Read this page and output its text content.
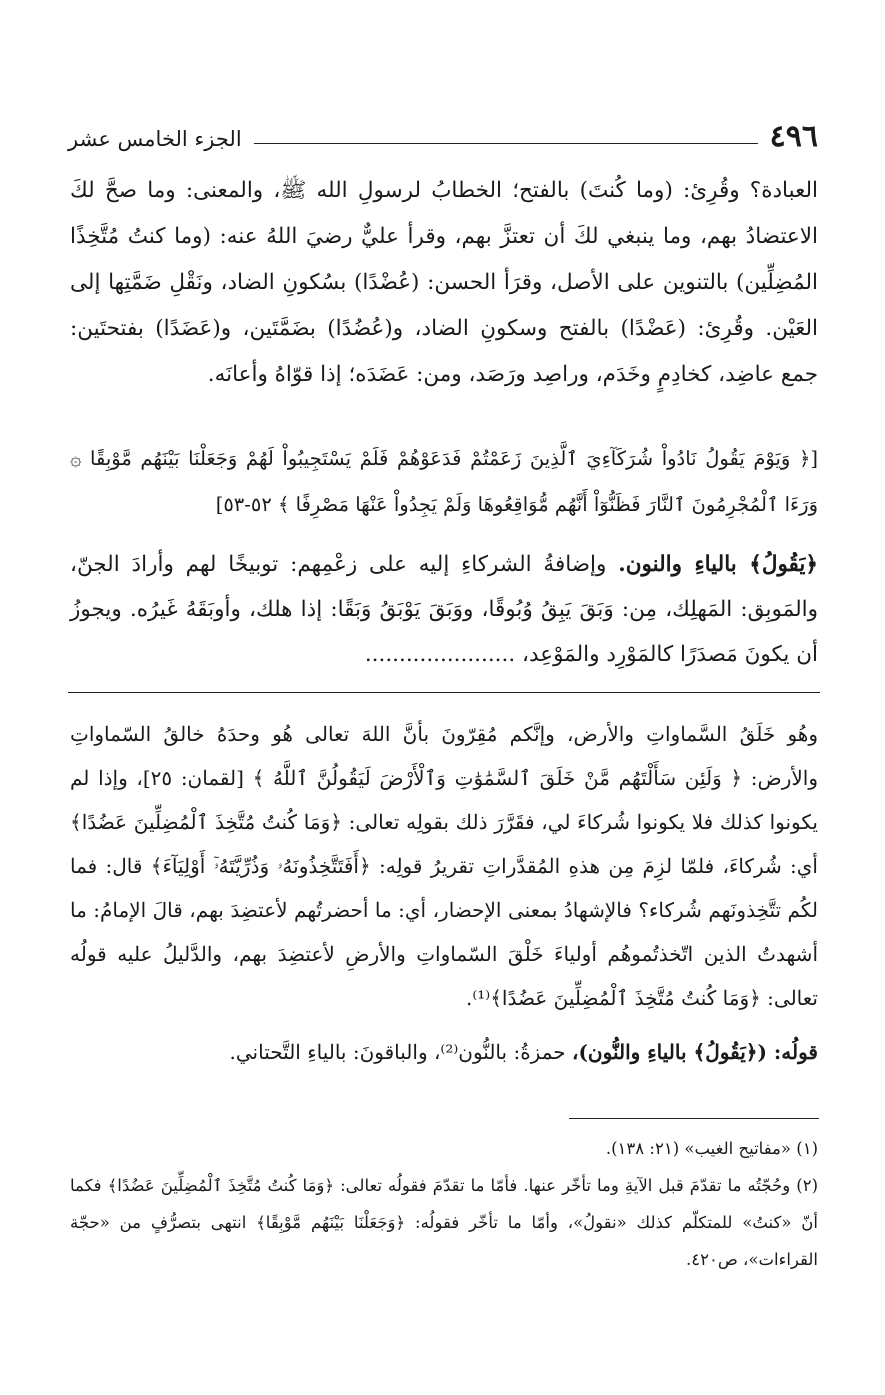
٤٩٦
الجزء الخامس عشر

العبادة؟ وقُرِئ: (وما كُنتَ) بالفتح؛ الخطابُ لرسولِ الله ﷺ، والمعنى: وما صحَّ لكَ الاعتضادُ بهم، وما ينبغي لكَ أن تعتزَّ بهم، وقرأ عليٌّ رضيَ اللهُ عنه: (وما كنتُ مُتَّخِذًا المُضِلِّين) بالتنوين على الأصل، وقرَأ الحسن: (عُضْدًا) بسُكونِ الضاد، ونَقْلِ ضَمَّتِها إلى العَيْن. وقُرِئ: (عَضْدًا) بالفتح وسكونِ الضاد، و(عُضُدًا) بضَمَّتَين، و(عَضَدًا) بفتحتَين: جمع عاضِد، كخادِمٍ وخَدَم، وراصِد ورَصَد، ومن: عَضَدَه؛ إذا قوّاهُ وأعانَه.

[﴿ وَيَوْمَ يَقُولُ نَادُواْ شُرَكَآءِيَ ٱلَّذِينَ زَعَمْتُمْ فَدَعَوْهُمْ فَلَمْ يَسْتَجِيبُواْ لَهُمْ وَجَعَلْنَا بَيْنَهُم مَّوْبِقًا ۞ وَرَءَا ٱلْمُجْرِمُونَ ٱلنَّارَ فَظَنُّوٓاْ أَنَّهُم مُّوَاقِعُوهَا وَلَمْ يَجِدُواْ عَنْهَا مَصْرِفًا ﴾ ٥٢-٥٣]
﴿يَقُولُ﴾ بالياءِ والنون. وإضافةُ الشركاءِ إليه على زعْمِهم: توبيخًا لهم وأرادَ الجنّ، والمَوبِق: المَهلِك، مِن: وَبَقَ يَبِقُ وُبُوقًا، ووَبَقَ يَوْبَقُ وَبَقًا: إذا هلك، وأوبَقَهُ غَيرُه. ويجوزُ أن يكونَ مَصدَرًا كالمَوْرِد والمَوْعِد، ......................

وهُو خَلَقُ السَّماواتِ والأرض، وإنَّكم مُقِرّونَ بأنَّ اللهَ تعالى هُو وحدَهُ خالقُ السّماواتِ والأرض: ﴿ وَلَئِن سَأَلْتَهُم مَّنْ خَلَقَ ٱلسَّمَٰوَٰتِ وَٱلْأَرْضَ لَيَقُولُنَّ ٱللَّهُ ﴾ [لقمان: ٢٥]، وإذا لم يكونوا كذلك فلا يكونوا شُركاءَ لي، فقَرَّرَ ذلك بقولِه تعالى: ﴿وَمَا كُنتُ مُتَّخِذَ ٱلْمُضِلِّينَ عَضُدًا﴾ أي: شُركاءَ، فلمّا لزِمَ مِن هذهِ المُقدَّراتِ تقريرُ قولِه: ﴿أَفَتَتَّخِذُونَهُۥ وَذُرِّيَّتَهُۥٓ أَوْلِيَآءَ﴾ قال: فما لكُم تتَّخِذونَهم شُركاء؟ فالإشهادُ بمعنى الإحضار، أي: ما أحضرتُهم لأعتضِدَ بهم، قالَ الإمامُ: ما أشهدتُ الذين اتّخذتُموهُم أولياءَ خَلْقَ السّماواتِ والأرضِ لأعتضِدَ بهم، والدَّليلُ عليه قولُه تعالى: ﴿وَمَا كُنتُ مُتَّخِذَ ٱلْمُضِلِّينَ عَضُدًا﴾⁽¹⁾.

قولُه: (﴿يَقُولُ﴾ بالياءِ والنُّون)، حمزةُ: بالنُّون⁽²⁾، والباقونَ: بالياءِ التَّحتاني.

(١) «مفاتيح الغيب» (٢١: ١٣٨).

(٢) وحُجّتُه ما تقدّمَ قبل الآيةِ وما تأخّر عنها. فأمّا ما تقدّمَ فقولُه تعالى: ﴿وَمَا كُنتُ مُتَّخِذَ ٱلْمُضِلِّينَ عَضُدًا﴾ فكما أنّ «كنتُ» للمتكلّم كذلك «نقولُ»، وأمّا ما تأخّر فقولُه: ﴿وَجَعَلْنَا بَيْنَهُم مَّوْبِقًا﴾ انتهى بتصرُّفٍ من «حجّة القراءات»، ص٤٢٠.
